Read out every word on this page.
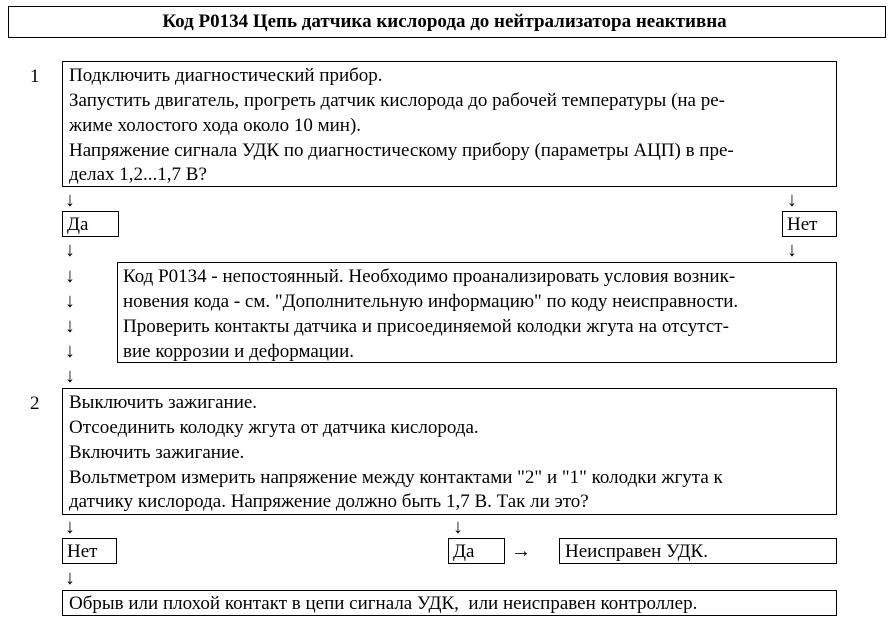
Код Р0134 Цепь датчика кислорода до нейтрализатора неактивна
1 Подключить диагностический прибор.
Запустить двигатель, прогреть датчик кислорода до рабочей температуры (на ре-
жиме холостого хода около 10 мин).
Напряжение сигнала УДК по диагностическому прибору (параметры АЦП) в пре-
делах 1,2...1,7 В?
↓	↓
Да	Нет
↓
↓
↓
↓
↓
↓
↓
Код Р0134 - непостоянный. Необходимо проанализировать условия возник-
новения кода - см. "Дополнительную информацию" по коду неисправности.
Проверить контакты датчика и присоединяемой колодки жгута на отсутст-
вие коррозии и деформации.
2 Выключить зажигание.
Отсоединить колодку жгута от датчика кислорода.
Включить зажигание.
Вольтметром измерить напряжение между контактами "2" и "1" колодки жгута к
датчику кислорода. Напряжение должно быть 1,7 В. Так ли это?
↓	↓
Нет	Да → Неисправен УДК.
↓
Обрыв или плохой контакт в цепи сигнала УДК,  или неисправен контроллер.
